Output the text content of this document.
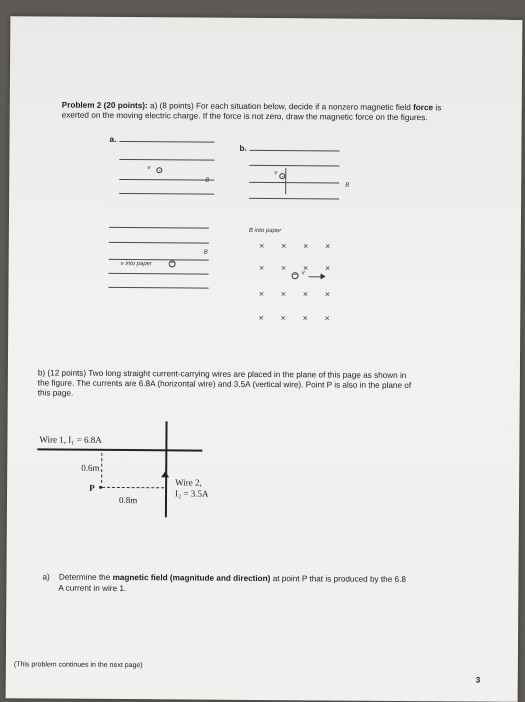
Problem 2 (20 points): a) (8 points) For each situation below, decide if a nonzero magnetic field force is
exerted on the moving electric charge. If the force is not zero, draw the magnetic force on the figures.
a.
v
B
b.
v
B
B
v into paper	−
B into paper
× × × ×
× × × ×
− v
× × × ×
× × × ×
b) (12 points) Two long straight current-carrying wires are placed in the plane of this page as shown in
the figure. The currents are 6.8A (horizontal wire) and 3.5A (vertical wire). Point P is also in the plane of
this page.
Wire 1, I₁ = 6.8A
0.6m
P
0.8m
Wire 2,
I₂ = 3.5A
a) Determine the magnetic field (magnitude and direction) at point P that is produced by the 6.8
A current in wire 1.
(This problem continues in the next page)
3
